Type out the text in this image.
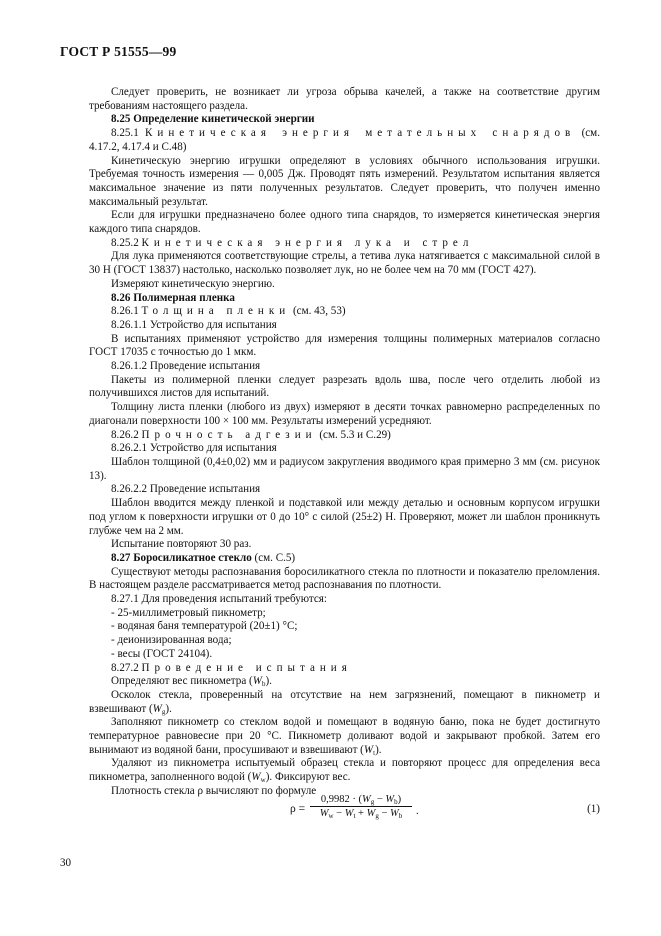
ГОСТ Р 51555—99

Следует проверить, не возникает ли угроза обрыва качелей, а также на соответствие другим требованиям настоящего раздела.

8.25 Определение кинетической энергии

8.25.1 Кинетическая энергия метательных снарядов (см. 4.17.2, 4.17.4 и С.48)

Кинетическую энергию игрушки определяют в условиях обычного использования игрушки. Требуемая точность измерения — 0,005 Дж. Проводят пять измерений. Результатом испытания является максимальное значение из пяти полученных результатов. Следует проверить, что получен именно максимальный результат.

Если для игрушки предназначено более одного типа снарядов, то измеряется кинетическая энергия каждого типа снарядов.

8.25.2 Кинетическая энергия лука и стрел

Для лука применяются соответствующие стрелы, а тетива лука натягивается с максимальной силой в 30 Н (ГОСТ 13837) настолько, насколько позволяет лук, но не более чем на 70 мм (ГОСТ 427).

Измеряют кинетическую энергию.

8.26 Полимерная пленка

8.26.1 Толщина пленки (см. 43, 53)

8.26.1.1 Устройство для испытания

В испытаниях применяют устройство для измерения толщины полимерных материалов согласно ГОСТ 17035 с точностью до 1 мкм.

8.26.1.2 Проведение испытания

Пакеты из полимерной пленки следует разрезать вдоль шва, после чего отделить любой из получившихся листов для испытаний.

Толщину листа пленки (любого из двух) измеряют в десяти точках равномерно распределенных по диагонали поверхности 100 × 100 мм. Результаты измерений усредняют.

8.26.2 Прочность адгезии (см. 5.3 и С.29)

8.26.2.1 Устройство для испытания

Шаблон толщиной (0,4±0,02) мм и радиусом закругления вводимого края примерно 3 мм (см. рисунок 13).

8.26.2.2 Проведение испытания

Шаблон вводится между пленкой и подставкой или между деталью и основным корпусом игрушки под углом к поверхности игрушки от 0 до 10° с силой (25±2) Н. Проверяют, может ли шаблон проникнуть глубже чем на 2 мм.

Испытание повторяют 30 раз.

8.27 Боросиликатное стекло (см. С.5)

Существуют методы распознавания боросиликатного стекла по плотности и показателю преломления. В настоящем разделе рассматривается метод распознавания по плотности.

8.27.1 Для проведения испытаний требуются:

- 25-миллиметровый пикнометр;

- водяная баня температурой (20±1) °С;

- деионизированная вода;

- весы (ГОСТ 24104).

8.27.2 Проведение испытания

Определяют вес пикнометра $(W_b)$.

Осколок стекла, проверенный на отсутствие на нем загрязнений, помещают в пикнометр и взвешивают $(W_g)$.

Заполняют пикнометр со стеклом водой и помещают в водяную баню, пока не будет достигнуто температурное равновесие при 20 °С. Пикнометр доливают водой и закрывают пробкой. Затем его вынимают из водяной бани, просушивают и взвешивают $(W_t)$.

Удаляют из пикнометра испытуемый образец стекла и повторяют процесс для определения веса пикнометра, заполненного водой $(W_w)$. Фиксируют вес.

Плотность стекла ρ вычисляют по формуле

$\rho = \frac{0,9982 \cdot (W_g - W_b)}{W_w - W_t + W_g - W_b}$ .	(1)
30
